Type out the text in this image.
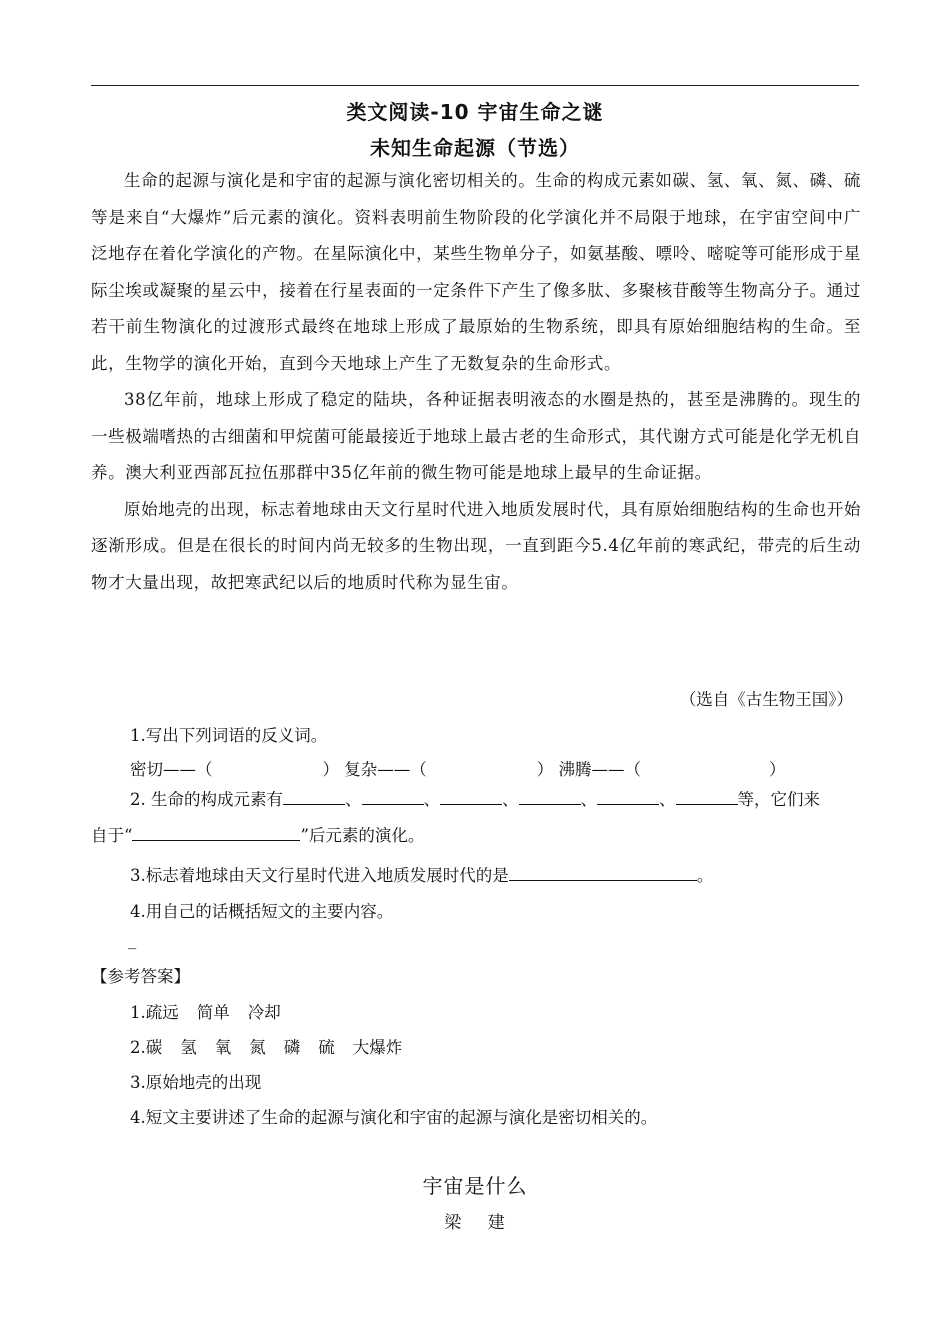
类文阅读-10 宇宙生命之谜
未知生命起源（节选）

生命的起源与演化是和宇宙的起源与演化密切相关的。生命的构成元素如碳、氢、氧、氮、磷、硫等是来自“大爆炸”后元素的演化。资料表明前生物阶段的化学演化并不局限于地球，在宇宙空间中广泛地存在着化学演化的产物。在星际演化中，某些生物单分子，如氨基酸、嘌呤、嘧啶等可能形成于星际尘埃或凝聚的星云中，接着在行星表面的一定条件下产生了像多肽、多聚核苷酸等生物高分子。通过若干前生物演化的过渡形式最终在地球上形成了最原始的生物系统，即具有原始细胞结构的生命。至此，生物学的演化开始，直到今天地球上产生了无数复杂的生命形式。

38亿年前，地球上形成了稳定的陆块，各种证据表明液态的水圈是热的，甚至是沸腾的。现生的一些极端嗜热的古细菌和甲烷菌可能最接近于地球上最古老的生命形式，其代谢方式可能是化学无机自养。澳大利亚西部瓦拉伍那群中35亿年前的微生物可能是地球上最早的生命证据。

原始地壳的出现，标志着地球由天文行星时代进入地质发展时代，具有原始细胞结构的生命也开始逐渐形成。但是在很长的时间内尚无较多的生物出现，一直到距今5.4亿年前的寒武纪，带壳的后生动物才大量出现，故把寒武纪以后的地质时代称为显生宙。

（选自《古生物王国》）
1.写出下列词语的反义词。
密切——（	） 复杂——（	） 沸腾——（	）
2. 生命的构成元素有	、	、	、	、	、	等，它们来
自于“	”后元素的演化。
3.标志着地球由天文行星时代进入地质发展时代的是	。
4.用自己的话概括短文的主要内容。
_
【参考答案】
1.疏远 简单 冷却
2.碳 氢 氧 氮 磷 硫 大爆炸
3.原始地壳的出现
4.短文主要讲述了生命的起源与演化和宇宙的起源与演化是密切相关的。
宇宙是什么
梁    建
